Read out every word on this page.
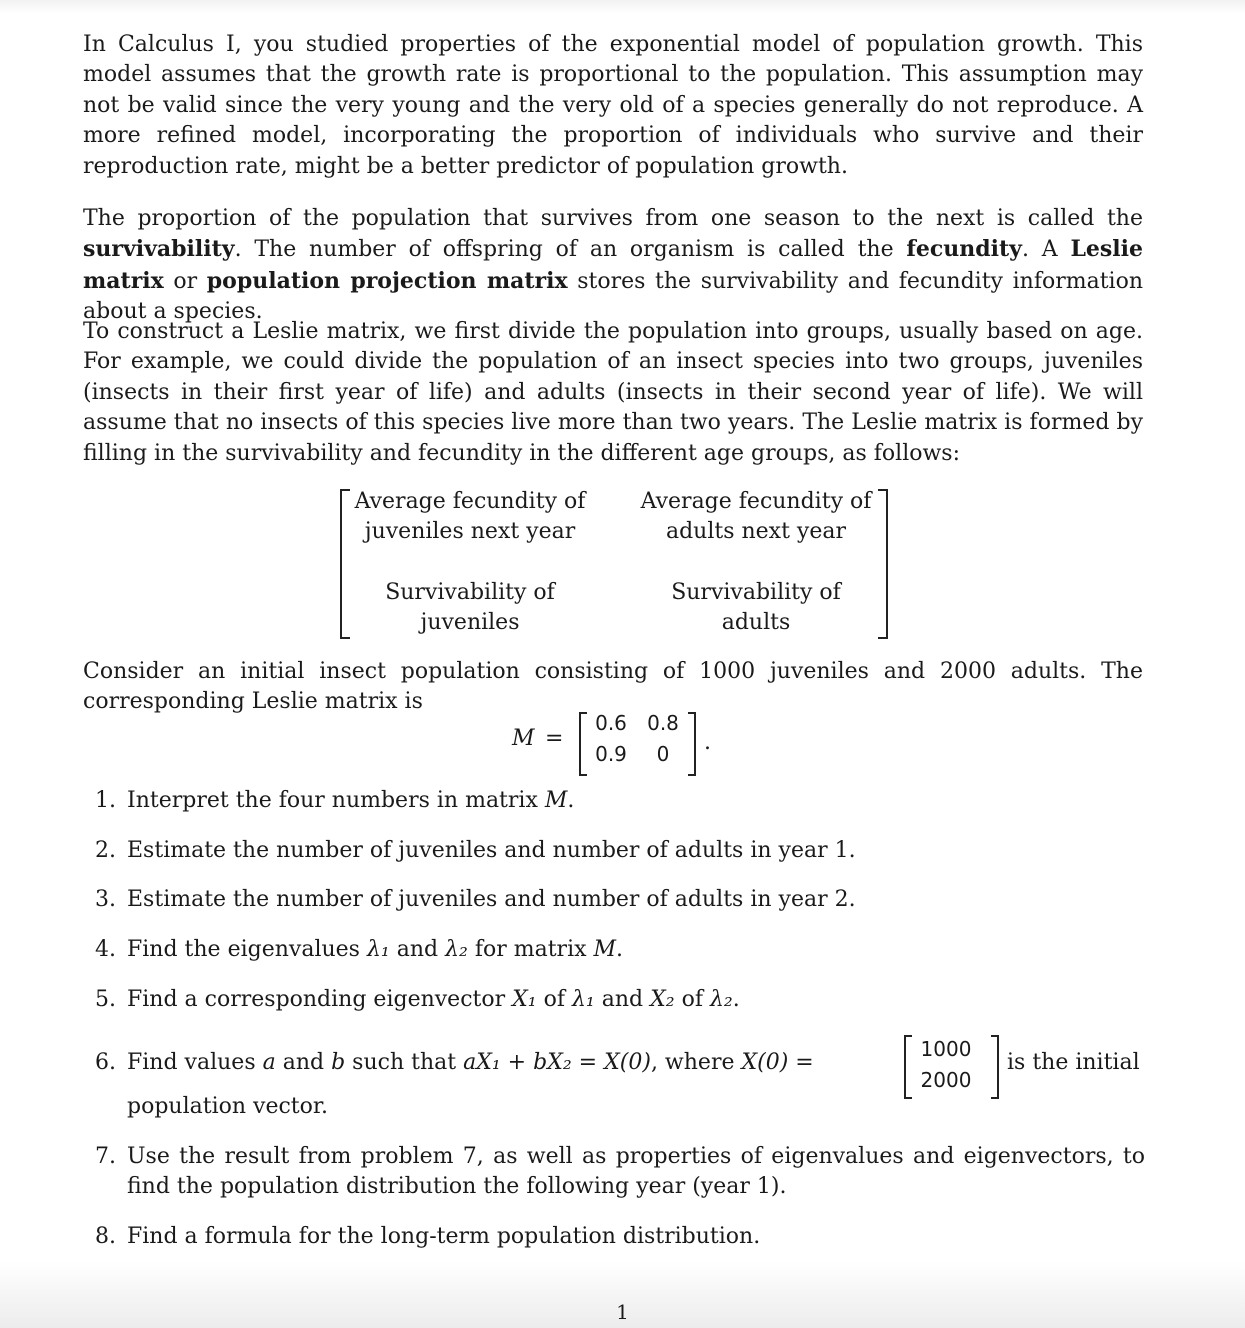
In Calculus I, you studied properties of the exponential model of population growth. This model assumes that the growth rate is proportional to the population. This assumption may not be valid since the very young and the very old of a species generally do not reproduce. A more refined model, incorporating the proportion of individuals who survive and their reproduction rate, might be a better predictor of population growth.
The proportion of the population that survives from one season to the next is called the survivability. The number of offspring of an organism is called the fecundity. A Leslie matrix or population projection matrix stores the survivability and fecundity information about a species.
To construct a Leslie matrix, we first divide the population into groups, usually based on age. For example, we could divide the population of an insect species into two groups, juveniles (insects in their first year of life) and adults (insects in their second year of life). We will assume that no insects of this species live more than two years. The Leslie matrix is formed by filling in the survivability and fecundity in the different age groups, as follows:
Average fecundity of
juveniles next year
Average fecundity of
adults next year
Survivability of
juveniles
Survivability of
adults
Consider an initial insect population consisting of 1000 juveniles and 2000 adults. The corresponding Leslie matrix is
M =
0.6 0.8
0.9	0	.
1. Interpret the four numbers in matrix M.
2. Estimate the number of juveniles and number of adults in year 1.
3. Estimate the number of juveniles and number of adults in year 2.
4. Find the eigenvalues λ₁ and λ₂ for matrix M.
5. Find a corresponding eigenvector X₁ of λ₁ and X₂ of λ₂.
6. Find values a and b such that aX₁ + bX₂ = X(0), where X(0) =
1000
2000
is the initial
population vector.
7. Use the result from problem 7, as well as properties of eigenvalues and eigenvectors, to find the population distribution the following year (year 1).
8. Find a formula for the long-term population distribution.
1
